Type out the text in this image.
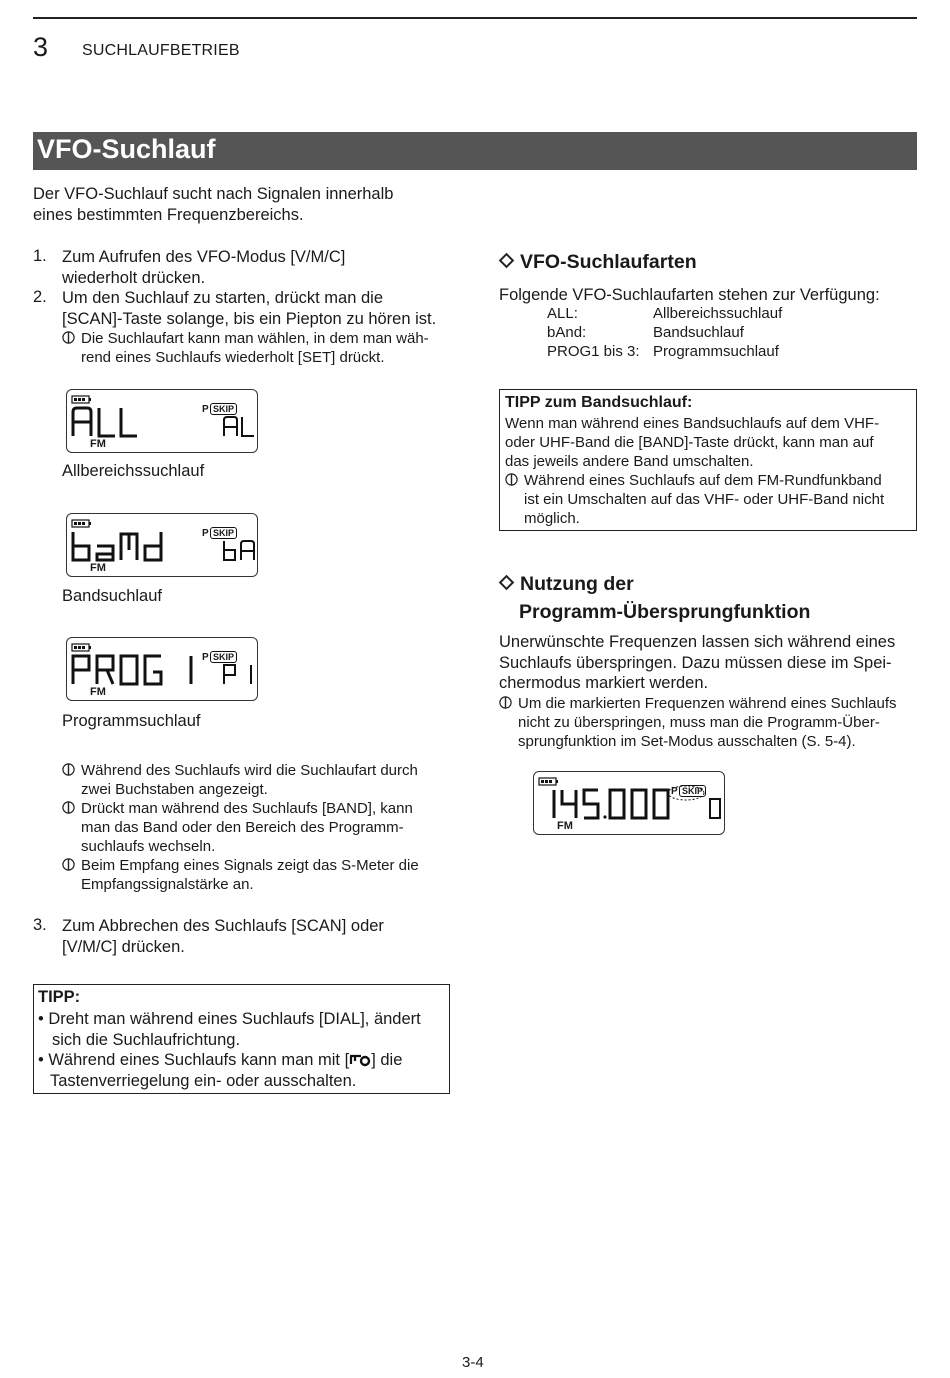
3 SUCHLAUFBETRIEB
VFO-Suchlauf
Der VFO-Suchlauf sucht nach Signalen innerhalb
eines bestimmten Frequenzbereichs.
1. Zum Aufrufen des VFO-Modus [V/M/C]
wiederholt drücken.
2. Um den Suchlauf zu starten, drückt man die
[SCAN]-Taste solange, bis ein Piepton zu hören ist.
Die Suchlaufart kann man wählen, in dem man wäh-
rend eines Suchlaufs wiederholt [SET] drückt.
P SKIP
FM
Allbereichssuchlauf
P SKIP
FM
Bandsuchlauf
P SKIP
FM
Programmsuchlauf
Während des Suchlaufs wird die Suchlaufart durch
zwei Buchstaben angezeigt.
Drückt man während des Suchlaufs [BAND], kann
man das Band oder den Bereich des Programm-
suchlaufs wechseln.
Beim Empfang eines Signals zeigt das S-Meter die
Empfangssignalstärke an.
3. Zum Abbrechen des Suchlaufs [SCAN] oder
[V/M/C] drücken.
TIPP:
• Dreht man während eines Suchlaufs [DIAL], ändert
sich die Suchlaufrichtung.
• Während eines Suchlaufs kann man mit [ ] die
Tastenverriegelung ein- oder ausschalten.
VFO-Suchlaufarten
Folgende VFO-Suchlaufarten stehen zur Verfügung:
ALL:	Allbereichssuchlauf
bAnd:	Bandsuchlauf
PROG1 bis 3: Programmsuchlauf
TIPP zum Bandsuchlauf:
Wenn man während eines Bandsuchlaufs auf dem VHF-
oder UHF-Band die [BAND]-Taste drückt, kann man auf
das jeweils andere Band umschalten.
Während eines Suchlaufs auf dem FM-Rundfunkband
ist ein Umschalten auf das VHF- oder UHF-Band nicht
möglich.
Nutzung der
Programm-Übersprungfunktion
Unerwünschte Frequenzen lassen sich während eines
Suchlaufs überspringen. Dazu müssen diese im Spei-
chermodus markiert werden.
Um die markierten Frequenzen während eines Suchlaufs
nicht zu überspringen, muss man die Programm-Über-
sprungfunktion im Set-Modus ausschalten (S. 5-4).
P SKIP
FM
3-4
